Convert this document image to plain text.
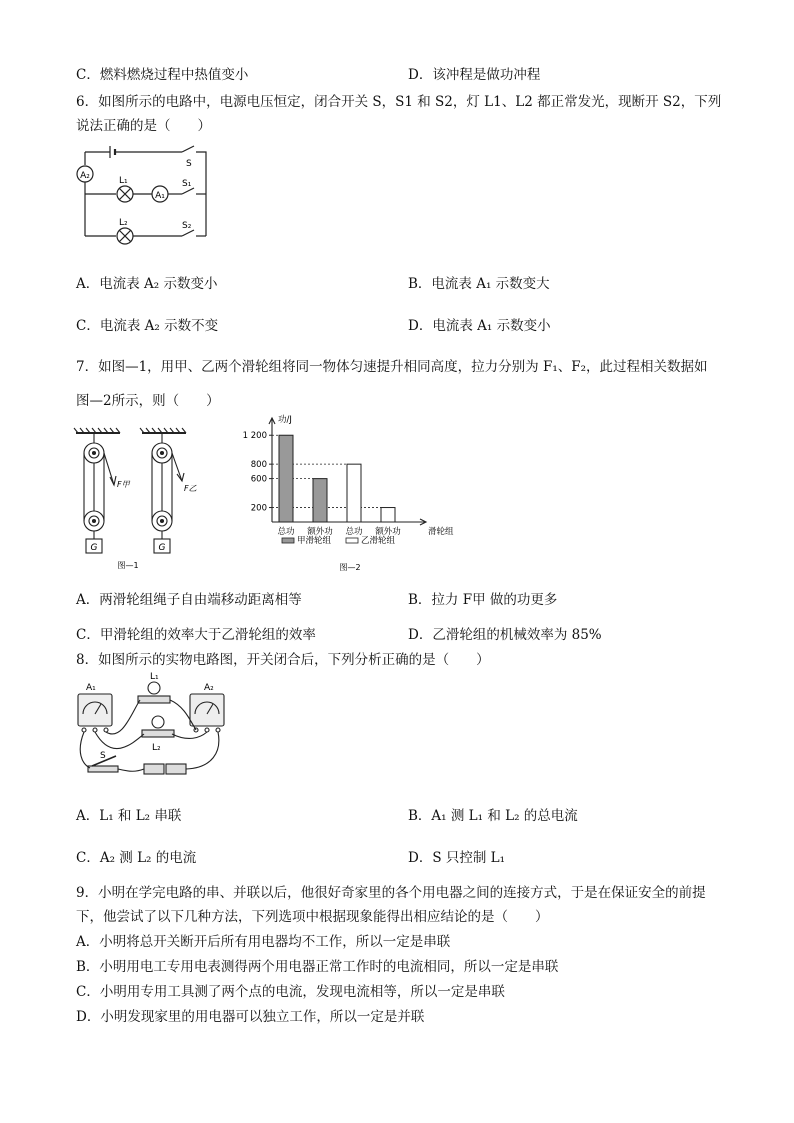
C．燃料燃烧过程中热值变小	D．该冲程是做功冲程
6．如图所示的电路中，电源电压恒定，闭合开关 S，S1 和 S2，灯 L1、L2 都正常发光，现断开 S2，下列
说法正确的是（　　）
A₂
A₁
L₁
L₂
S
S₁
S₂
A．电流表 A₂ 示数变小	B．电流表 A₁ 示数变大
C．电流表 A₂ 示数不变	D．电流表 A₁ 示数变小
7．如图—1，用甲、乙两个滑轮组将同一物体匀速提升相同高度，拉力分别为 F₁、F₂，此过程相关数据如
图—2所示，则（　　）
F甲	F乙
G	G
图—1
200
600
800
1 200
总功 额外功 总功 额外功
功/J
滑轮组
甲滑轮组	乙滑轮组
图—2
A．两滑轮组绳子自由端移动距离相等	B．拉力 F甲 做的功更多
C．甲滑轮组的效率大于乙滑轮组的效率	D．乙滑轮组的机械效率为 85%
8．如图所示的实物电路图，开关闭合后，下列分析正确的是（　　）
A₁	A₂
L₁
L₂
S
A．L₁ 和 L₂ 串联	B．A₁ 测 L₁ 和 L₂ 的总电流
C．A₂ 测 L₂ 的电流	D．S 只控制 L₁
9．小明在学完电路的串、并联以后，他很好奇家里的各个用电器之间的连接方式，于是在保证安全的前提
下，他尝试了以下几种方法，下列选项中根据现象能得出相应结论的是（　　）
A．小明将总开关断开后所有用电器均不工作，所以一定是串联
B．小明用电工专用电表测得两个用电器正常工作时的电流相同，所以一定是串联
C．小明用专用工具测了两个点的电流，发现电流相等，所以一定是串联
D．小明发现家里的用电器可以独立工作，所以一定是并联
